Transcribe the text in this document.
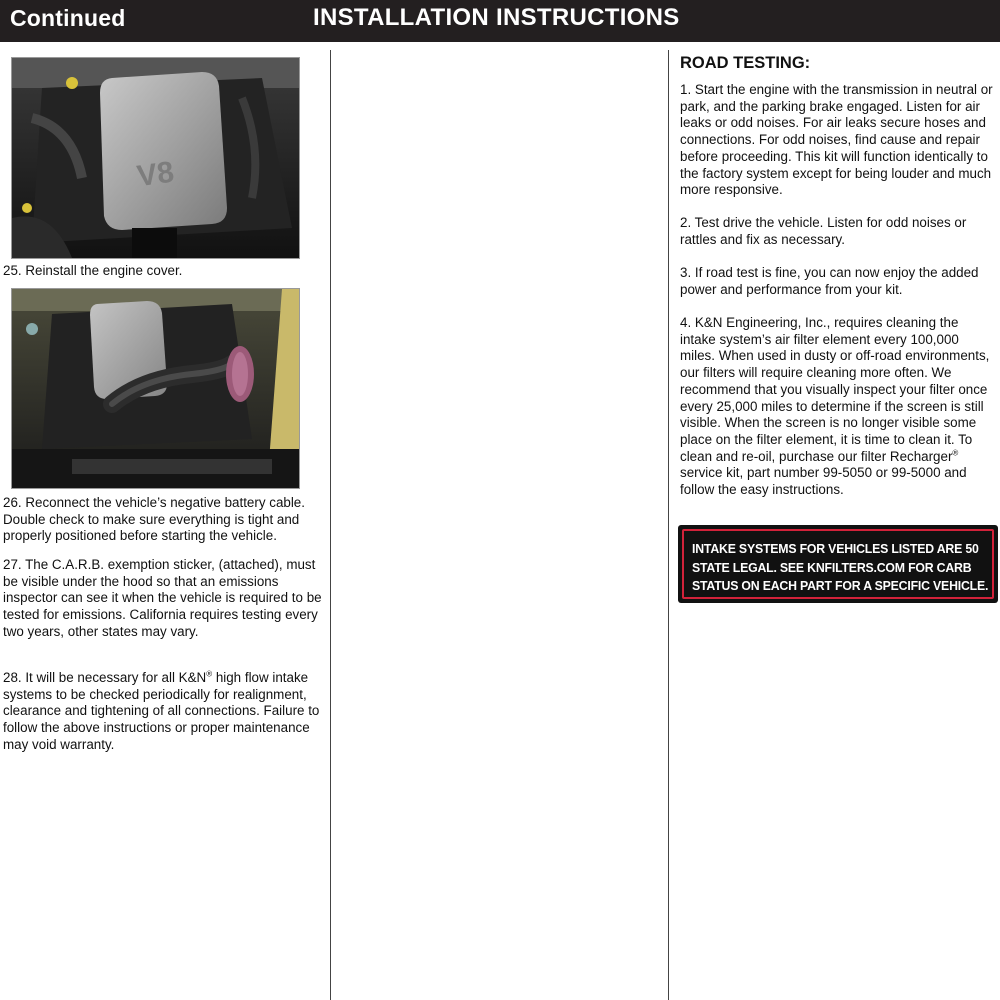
Continued	INSTALLATION INSTRUCTIONS
V8

25. Reinstall the engine cover.

26. Reconnect the vehicle’s negative battery cable. Double check to make sure everything is tight and properly positioned before starting the vehicle.

27. The C.A.R.B. exemption sticker, (attached), must be visible under the hood so that an emissions inspector can see it when the vehicle is required to be tested for emissions. California requires testing every two years, other states may vary.

28. It will be necessary for all K&N® high flow intake systems to be checked periodically for realignment, clearance and tightening of all connections. Failure to follow the above instructions or proper maintenance may void warranty.

ROAD TESTING:

1. Start the engine with the transmission in neutral or park, and the parking brake engaged. Listen for air leaks or odd noises. For air leaks secure hoses and connections. For odd noises, find cause and repair before proceeding. This kit will function identically to the factory system except for being louder and much more responsive.

2. Test drive the vehicle. Listen for odd noises or rattles and fix as necessary.

3. If road test is fine, you can now enjoy the added power and performance from your kit.

4. K&N Engineering, Inc., requires cleaning the intake system’s air filter element every 100,000 miles. When used in dusty or off-road environments, our filters will require cleaning more often. We recommend that you visually inspect your filter once every 25,000 miles to determine if the screen is still visible. When the screen is no longer visible some place on the filter element, it is time to clean it. To clean and re-oil, purchase our filter Recharger® service kit, part number 99-5050 or 99-5000 and follow the easy instructions.

INTAKE SYSTEMS FOR VEHICLES LISTED ARE 50
STATE LEGAL. SEE KNFILTERS.COM FOR CARB
STATUS ON EACH PART FOR A SPECIFIC VEHICLE.
